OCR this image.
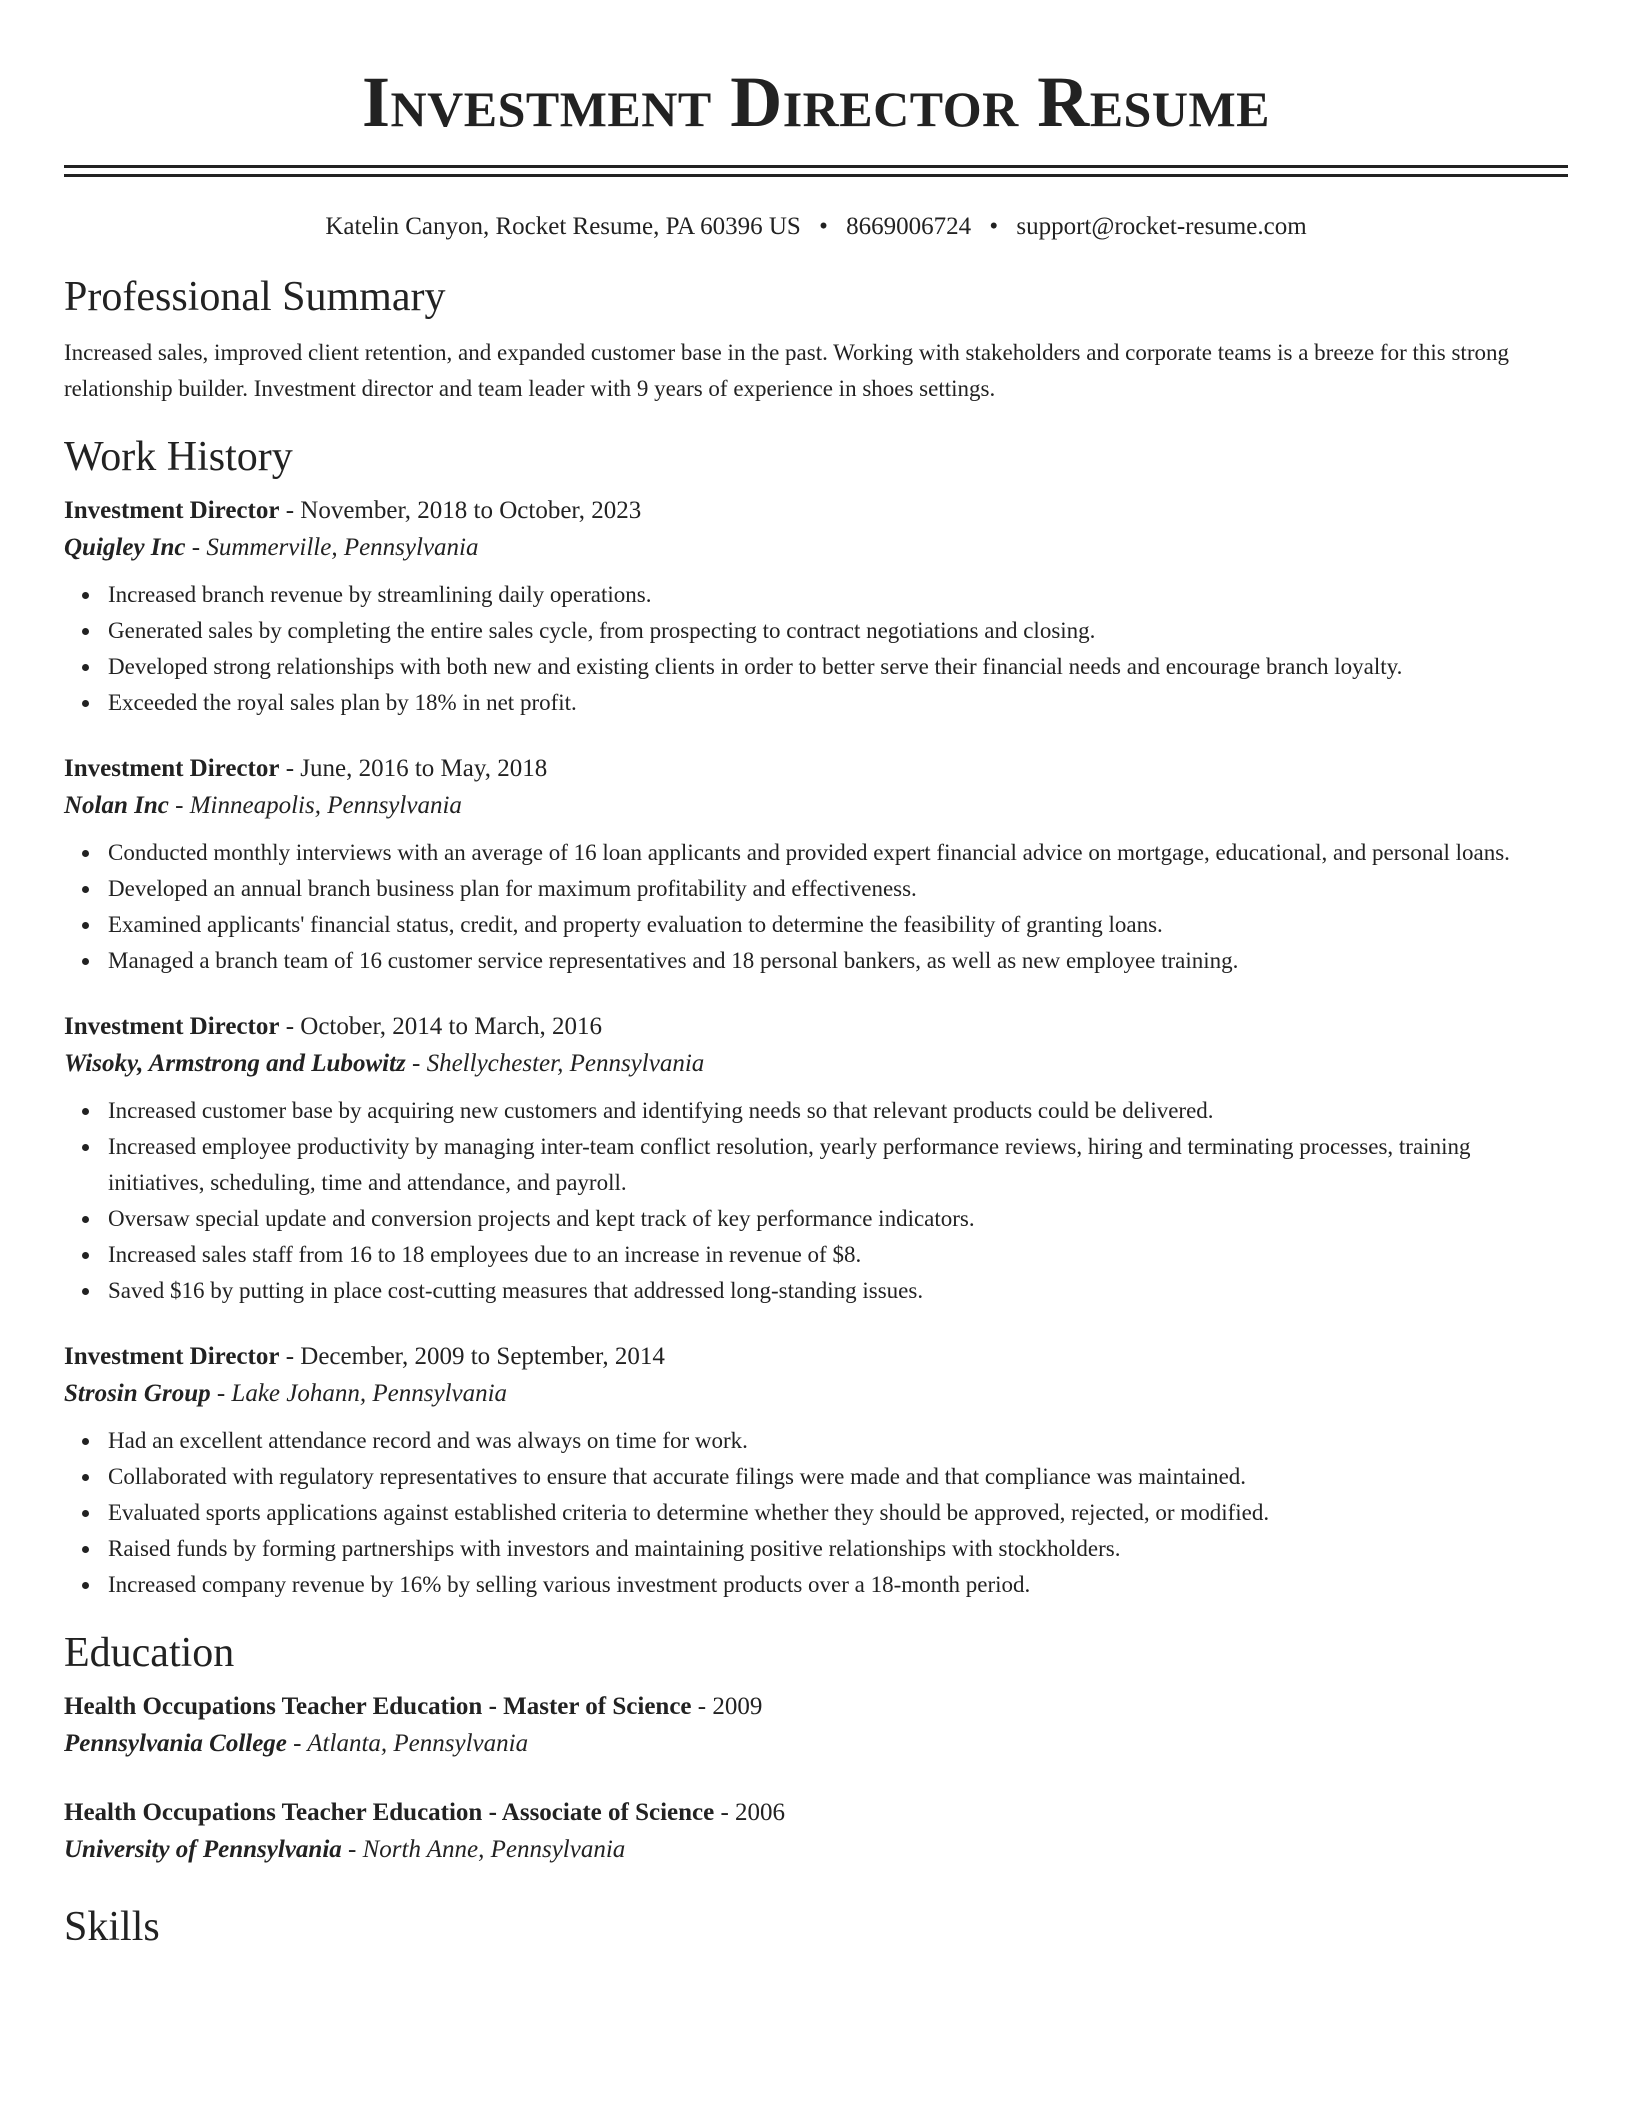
Investment Director Resume
Katelin Canyon, Rocket Resume, PA 60396 US • 8669006724 • support@rocket-resume.com
Professional Summary

Increased sales, improved client retention, and expanded customer base in the past. Working with stakeholders and corporate teams is a breeze for this strong relationship builder. Investment director and team leader with 9 years of experience in shoes settings.

Work History
Investment Director - November, 2018 to October, 2023
Quigley Inc - Summerville, Pennsylvania
Increased branch revenue by streamlining daily operations.
Generated sales by completing the entire sales cycle, from prospecting to contract negotiations and closing.
Developed strong relationships with both new and existing clients in order to better serve their financial needs and encourage branch loyalty.
Exceeded the royal sales plan by 18% in net profit.
Investment Director - June, 2016 to May, 2018
Nolan Inc - Minneapolis, Pennsylvania
Conducted monthly interviews with an average of 16 loan applicants and provided expert financial advice on mortgage, educational, and personal loans.
Developed an annual branch business plan for maximum profitability and effectiveness.
Examined applicants' financial status, credit, and property evaluation to determine the feasibility of granting loans.
Managed a branch team of 16 customer service representatives and 18 personal bankers, as well as new employee training.
Investment Director - October, 2014 to March, 2016
Wisoky, Armstrong and Lubowitz - Shellychester, Pennsylvania
Increased customer base by acquiring new customers and identifying needs so that relevant products could be delivered.
Increased employee productivity by managing inter-team conflict resolution, yearly performance reviews, hiring and terminating processes, training initiatives, scheduling, time and attendance, and payroll.
Oversaw special update and conversion projects and kept track of key performance indicators.
Increased sales staff from 16 to 18 employees due to an increase in revenue of $8.
Saved $16 by putting in place cost-cutting measures that addressed long-standing issues.
Investment Director - December, 2009 to September, 2014
Strosin Group - Lake Johann, Pennsylvania
Had an excellent attendance record and was always on time for work.
Collaborated with regulatory representatives to ensure that accurate filings were made and that compliance was maintained.
Evaluated sports applications against established criteria to determine whether they should be approved, rejected, or modified.
Raised funds by forming partnerships with investors and maintaining positive relationships with stockholders.
Increased company revenue by 16% by selling various investment products over a 18-month period.
Education
Health Occupations Teacher Education - Master of Science - 2009
Pennsylvania College - Atlanta, Pennsylvania
Health Occupations Teacher Education - Associate of Science - 2006
University of Pennsylvania - North Anne, Pennsylvania
Skills
